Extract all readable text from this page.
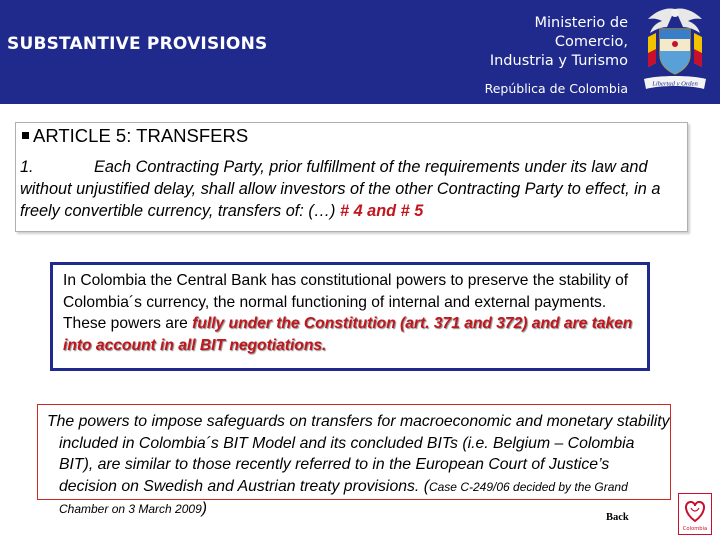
SUBSTANTIVE PROVISIONS
Ministerio de
Comercio,
Industria y Turismo
República de Colombia	Libertad y Orden
ARTICLE 5: TRANSFERS
1.	Each Contracting Party, prior fulfillment of the requirements under its law and without unjustified delay, shall allow investors of the other Contracting Party to effect, in a freely convertible currency, transfers of: (…) # 4 and # 5
In Colombia the Central Bank has constitutional powers to preserve the stability of Colombia´s currency, the normal functioning of internal and external payments. These powers are fully under the Constitution (art. 371 and 372) and are taken into account in all BIT negotiations.
The powers to impose safeguards on transfers for macroeconomic and monetary stability included in Colombia´s BIT Model and its concluded BITs (i.e. Belgium – Colombia BIT), are similar to those recently referred to in the European Court of Justice’s decision on Swedish and Austrian treaty provisions. (Case C-249/06 decided by the Grand Chamber on 3 March 2009)
Back
Colombia
